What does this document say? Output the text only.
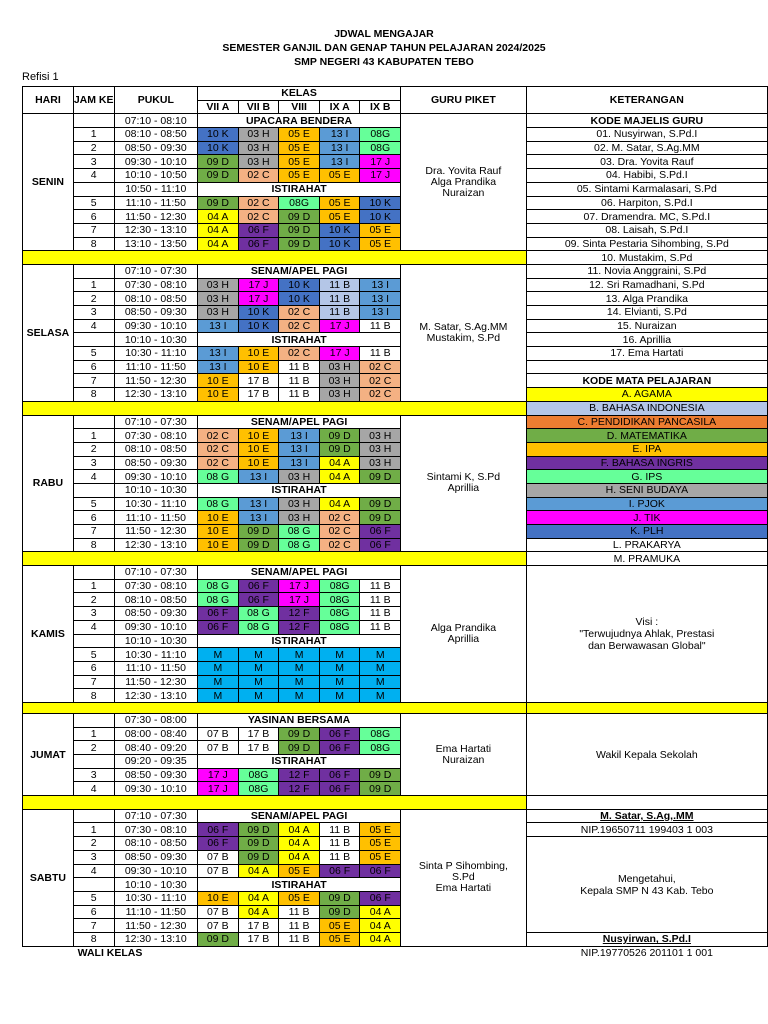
JDWAL MENGAJAR
SEMESTER GANJIL DAN GENAP TAHUN PELAJARAN 2024/2025
SMP NEGERI 43 KABUPATEN TEBO
Refisi 1
HARI	JAM KE	PUKUL	KELAS					GURU PIKET	KETERANGAN
			VII A	VII B	VIII	IX A	IX B		
SENIN		07:10 - 08:10	UPACARA BENDERA					Dra. Yovita Rauf
Alga Prandika
Nuraizan	KODE MAJELIS GURU
	1	08:10 - 08:50	10 K	03 H	05 E	13 I	08G		01. Nusyirwan, S.Pd.I
	2	08:50 - 09:30	10 K	03 H	05 E	13 I	08G		02. M. Satar, S.Ag.MM
	3	09:30 - 10:10	09 D	03 H	05 E	13 I	17 J		03. Dra. Yovita Rauf
	4	10:10 - 10:50	09 D	02 C	05 E	05 E	17 J		04. Habibi, S.Pd.I
		10:50 - 11:10	ISTIRAHAT						05. Sintami Karmalasari, S.Pd
	5	11:10 - 11:50	09 D	02 C	08G	05 E	10 K		06. Harpiton, S.Pd.I
	6	11:50 - 12:30	04 A	02 C	09 D	05 E	10 K		07. Dramendra. MC, S.Pd.I
	7	12:30 - 13:10	04 A	06 F	09 D	10 K	05 E		08. Laisah, S.Pd.I
	8	13:10 - 13:50	04 A	06 F	09 D	10 K	05 E		09. Sinta Pestaria Sihombing, S.Pd
									10. Mustakim, S.Pd
SELASA		07:10 - 07:30	SENAM/APEL PAGI					M. Satar, S.Ag.MM
Mustakim, S.Pd	11. Novia Anggraini, S.Pd
	1	07:30 - 08:10	03 H	17 J	10 K	11 B	13 I		12. Sri Ramadhani, S.Pd
	2	08:10 - 08:50	03 H	17 J	10 K	11 B	13 I		13. Alga Prandika
	3	08:50 - 09:30	03 H	10 K	02 C	11 B	13 I		14. Elvianti, S.Pd
	4	09:30 - 10:10	13 I	10 K	02 C	17 J	11 B		15. Nuraizan
		10:10 - 10:30	ISTIRAHAT						16. Aprillia
	5	10:30 - 11:10	13 I	10 E	02 C	17 J	11 B		17. Ema Hartati
	6	11:10 - 11:50	13 I	10 E	11 B	03 H	02 C		
	7	11:50 - 12:30	10 E	17 B	11 B	03 H	02 C		KODE MATA PELAJARAN
	8	12:30 - 13:10	10 E	17 B	11 B	03 H	02 C		A. AGAMA
									B. BAHASA INDONESIA
RABU		07:10 - 07:30	SENAM/APEL PAGI					Sintami K, S.Pd
Aprillia	C. PENDIDIKAN PANCASILA
	1	07:30 - 08:10	02 C	10 E	13 I	09 D	03 H		D. MATEMATIKA
	2	08:10 - 08:50	02 C	10 E	13 I	09 D	03 H		E. IPA
	3	08:50 - 09:30	02 C	10 E	13 I	04 A	03 H		F. BAHASA INGRIS
	4	09:30 - 10:10	08 G	13 I	03 H	04 A	09 D		G. IPS
		10:10 - 10:30	ISTIRAHAT						H. SENI BUDAYA
	5	10:30 - 11:10	08 G	13 I	03 H	04 A	09 D		I. PJOK
	6	11:10 - 11:50	10 E	13 I	03 H	02 C	09 D		J. TIK
	7	11:50 - 12:30	10 E	09 D	08 G	02 C	06 F		K. PLH
	8	12:30 - 13:10	10 E	09 D	08 G	02 C	06 F		L. PRAKARYA
									M. PRAMUKA
KAMIS		07:10 - 07:30	SENAM/APEL PAGI					Alga Prandika
Aprillia	Visi :
"Terwujudnya Ahlak, Prestasi
dan Berwawasan Global"
	1	07:30 - 08:10	08 G	06 F	17 J	08G	11 B		
	2	08:10 - 08:50	08 G	06 F	17 J	08G	11 B		
	3	08:50 - 09:30	06 F	08 G	12 F	08G	11 B		
	4	09:30 - 10:10	06 F	08 G	12 F	08G	11 B		
		10:10 - 10:30	ISTIRAHAT						
	5	10:30 - 11:10	M	M	M	M	M		
	6	11:10 - 11:50	M	M	M	M	M		
	7	11:50 - 12:30	M	M	M	M	M		
	8	12:30 - 13:10	M	M	M	M	M		

JUMAT		07:30 - 08:00	YASINAN BERSAMA					Ema Hartati
Nuraizan	Wakil Kepala Sekolah
	1	08:00 - 08:40	07 B	17 B	09 D	06 F	08G		
	2	08:40 - 09:20	07 B	17 B	09 D	06 F	08G		
		09:20 - 09:35	ISTIRAHAT						
	3	08:50 - 09:30	17 J	08G	12 F	06 F	09 D		
	4	09:30 - 10:10	17 J	08G	12 F	06 F	09 D		

SABTU		07:10 - 07:30	SENAM/APEL PAGI					Sinta P Sihombing,
S.Pd
Ema Hartati	M. Satar, S.Ag,.MM
	1	07:30 - 08:10	06 F	09 D	04 A	11 B	05 E		NIP.19650711 199403 1 003
	2	08:10 - 08:50	06 F	09 D	04 A	11 B	05 E		Mengetahui,
Kepala SMP N 43 Kab. Tebo
	3	08:50 - 09:30	07 B	09 D	04 A	11 B	05 E		
	4	09:30 - 10:10	07 B	04 A	05 E	06 F	06 F		
		10:10 - 10:30	ISTIRAHAT						
	5	10:30 - 11:10	10 E	04 A	05 E	09 D	06 F		
	6	11:10 - 11:50	07 B	04 A	11 B	09 D	04 A		
	7	11:50 - 12:30	07 B	17 B	11 B	05 E	04 A		
	8	12:30 - 13:10	09 D	17 B	11 B	05 E	04 A		Nusyirwan, S.Pd.I
WALI KELAS									NIP.19770526 201101 1 001
